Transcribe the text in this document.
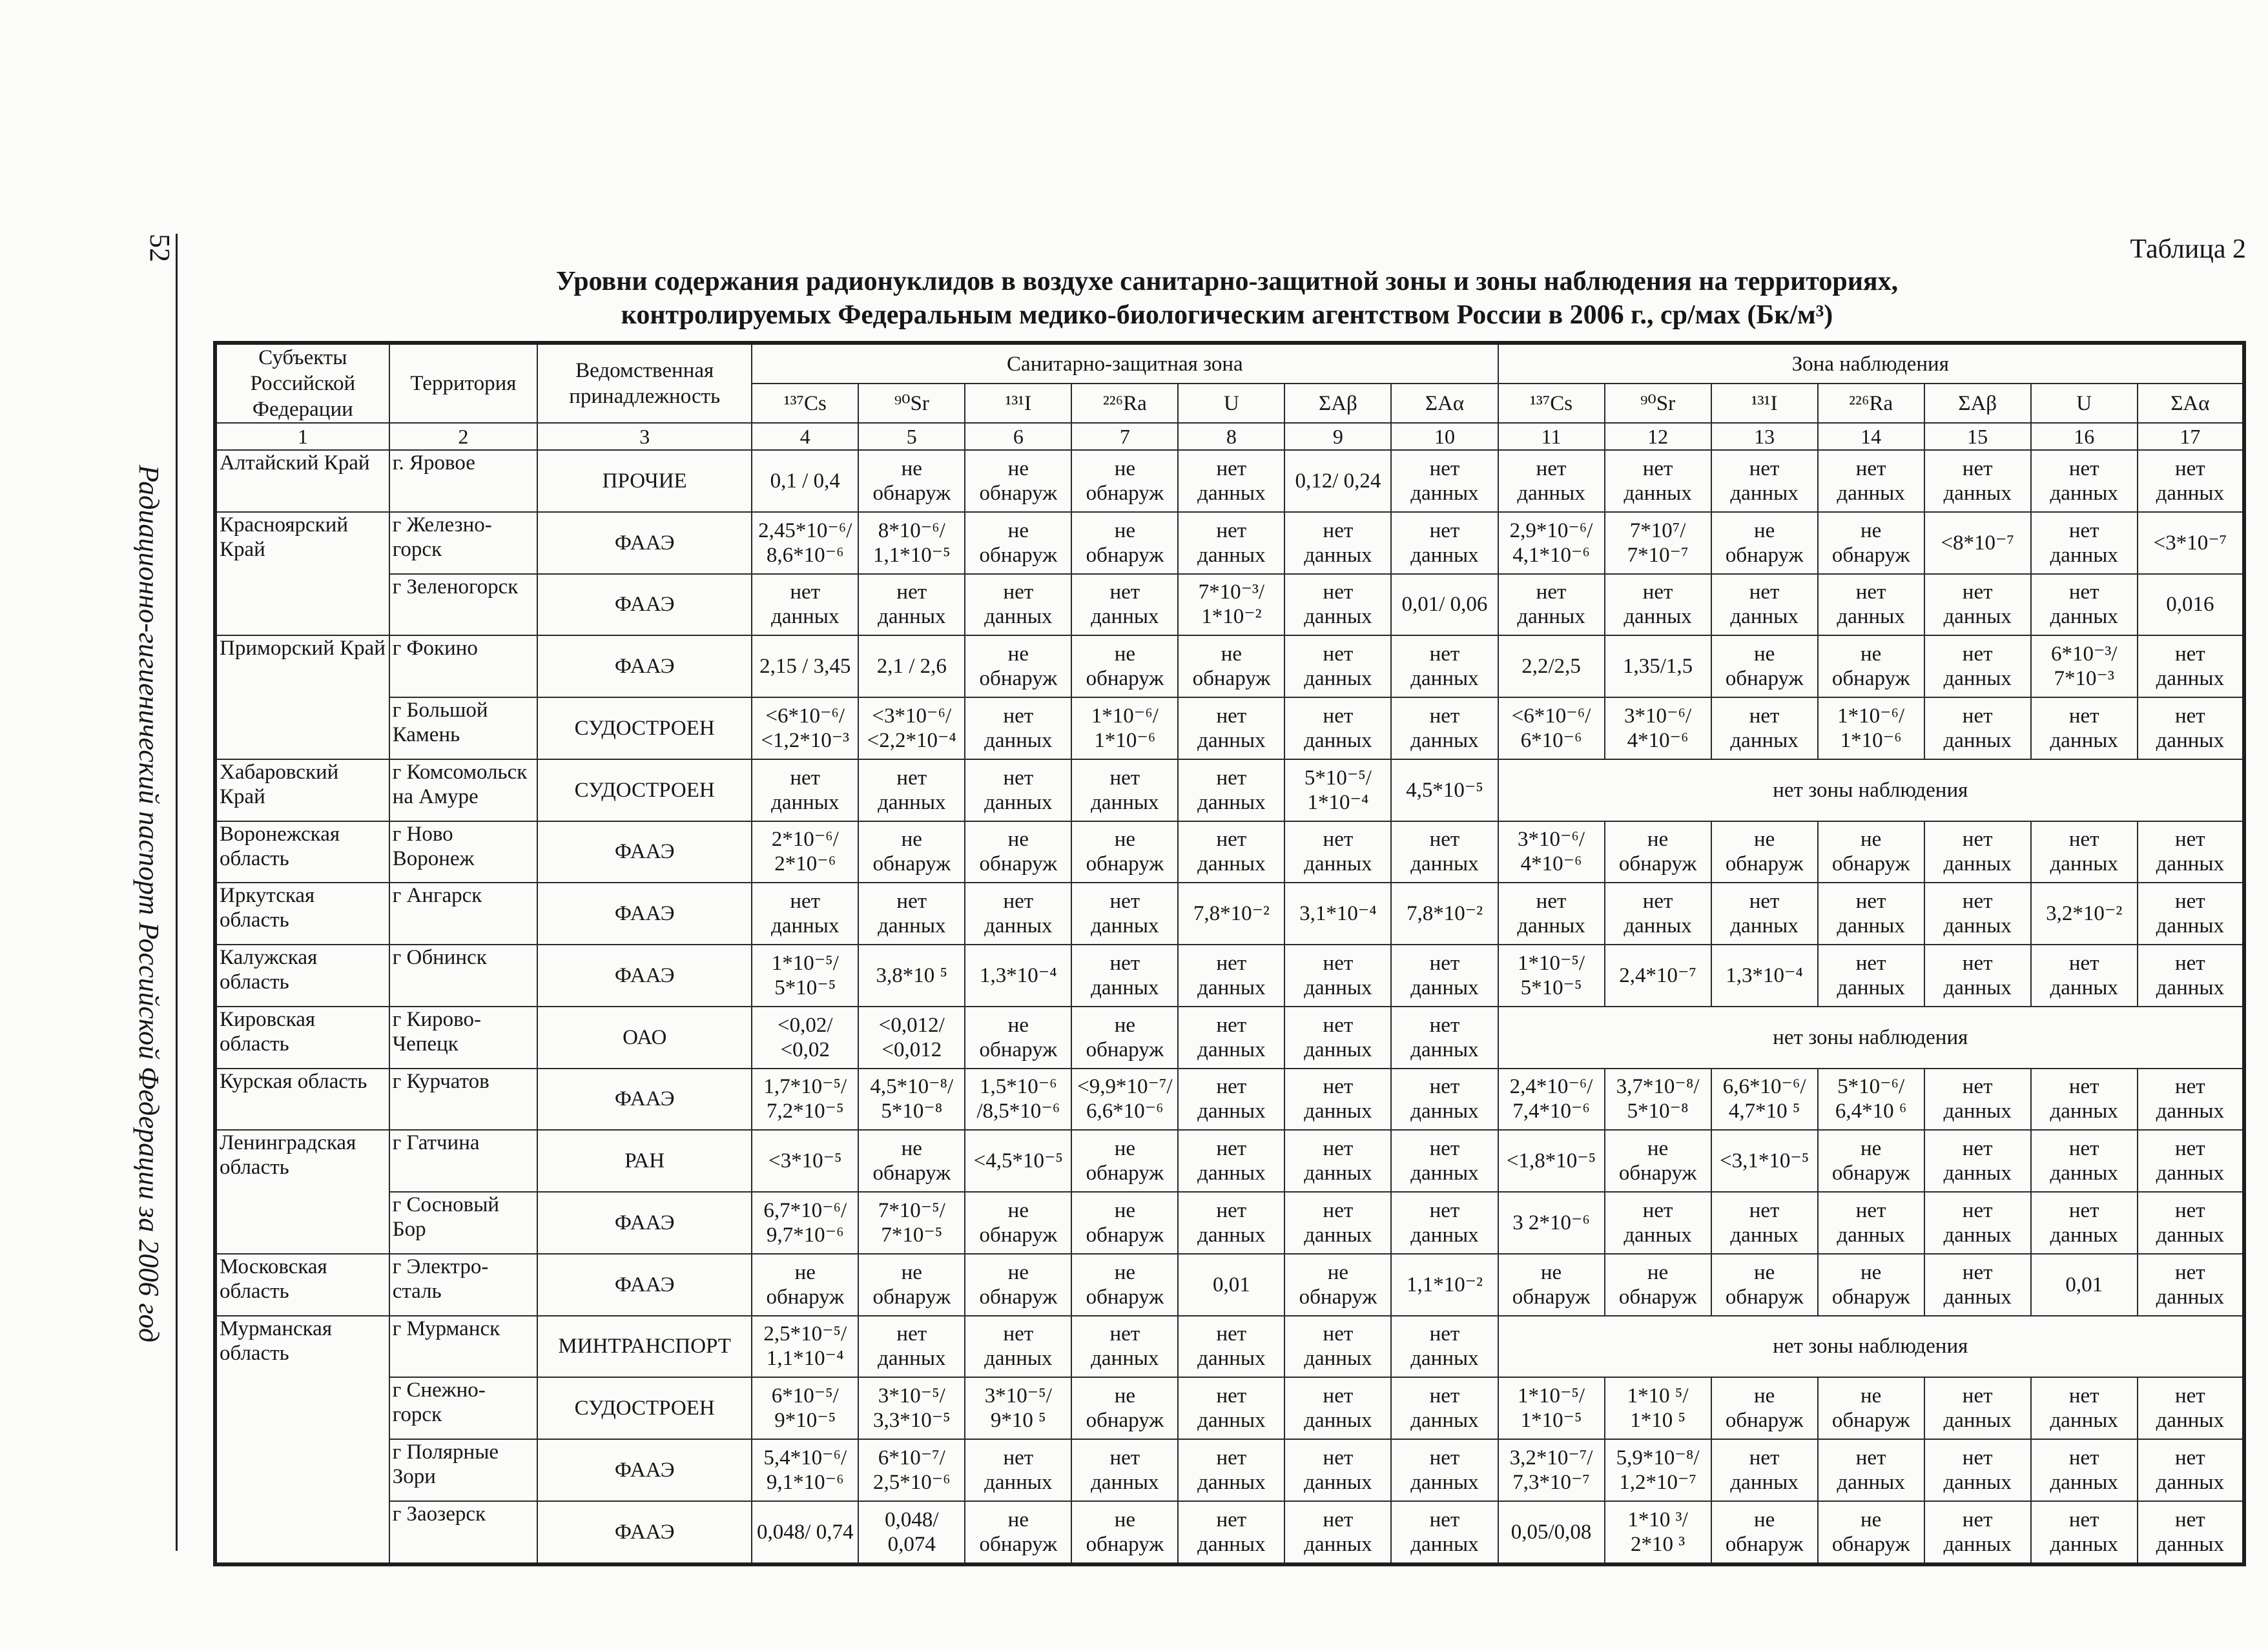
52
Радиационно-гигиенический паспорт Российской Федерации за 2006 год
Таблица 2
Уровни содержания радионуклидов в воздухе санитарно-защитной зоны и зоны наблюдения на территориях, контролируемых Федеральным медико-биологическим агентством России в 2006 г., ср/мах (Бк/м³)
Субъекты Российской Федерации	Территория	Ведомственная принадлежность	Санитарно-защитная зона							Зона наблюдения						
			¹³⁷Cs	⁹⁰Sr	¹³¹I	²²⁶Ra	U	ΣAβ	ΣAα	¹³⁷Cs	⁹⁰Sr	¹³¹I	²²⁶Ra	ΣAβ	U	ΣAα
1	2	3	4	5	6	7	8	9	10	11	12	13	14	15	16	17
Алтайский Край	г. Яровое	ПРОЧИЕ	0,1 / 0,4	не обнаруж	не обнаруж	не обнаруж	нет данных	0,12/ 0,24	нет данных	нет данных	нет данных	нет данных	нет данных	нет данных	нет данных	нет данных
Красноярский Край	г Железно-горск	ФААЭ	2,45*10⁻⁶/ 8,6*10⁻⁶	8*10⁻⁶/ 1,1*10⁻⁵	не обнаруж	не обнаруж	нет данных	нет данных	нет данных	2,9*10⁻⁶/ 4,1*10⁻⁶	7*10⁷/ 7*10⁻⁷	не обнаруж	не обнаруж	<8*10⁻⁷	нет данных	<3*10⁻⁷
	г Зеленогорск	ФААЭ	нет данных	нет данных	нет данных	нет данных	7*10⁻³/ 1*10⁻²	нет данных	0,01/ 0,06	нет данных	нет данных	нет данных	нет данных	нет данных	нет данных	0,016
Приморский Край	г Фокино	ФААЭ	2,15 / 3,45	2,1 / 2,6	не обнаруж	не обнаруж	не обнаруж	нет данных	нет данных	2,2/2,5	1,35/1,5	не обнаруж	не обнаруж	нет данных	6*10⁻³/ 7*10⁻³	нет данных
	г Большой Камень	СУДОСТРОЕН	<6*10⁻⁶/ <1,2*10⁻³	<3*10⁻⁶/ <2,2*10⁻⁴	нет данных	1*10⁻⁶/ 1*10⁻⁶	нет данных	нет данных	нет данных	<6*10⁻⁶/ 6*10⁻⁶	3*10⁻⁶/ 4*10⁻⁶	нет данных	1*10⁻⁶/ 1*10⁻⁶	нет данных	нет данных	нет данных
Хабаровский Край	г Комсомольск на Амуре	СУДОСТРОЕН	нет данных	нет данных	нет данных	нет данных	нет данных	5*10⁻⁵/ 1*10⁻⁴	4,5*10⁻⁵	нет зоны наблюдения						
Воронежская область	г Ново Воронеж	ФААЭ	2*10⁻⁶/ 2*10⁻⁶	не обнаруж	не обнаруж	не обнаруж	нет данных	нет данных	нет данных	3*10⁻⁶/ 4*10⁻⁶	не обнаруж	не обнаруж	не обнаруж	нет данных	нет данных	нет данных
Иркутская область	г Ангарск	ФААЭ	нет данных	нет данных	нет данных	нет данных	7,8*10⁻²	3,1*10⁻⁴	7,8*10⁻²	нет данных	нет данных	нет данных	нет данных	нет данных	3,2*10⁻²	нет данных
Калужская область	г Обнинск	ФААЭ	1*10⁻⁵/ 5*10⁻⁵	3,8*10 ⁵	1,3*10⁻⁴	нет данных	нет данных	нет данных	нет данных	1*10⁻⁵/ 5*10⁻⁵	2,4*10⁻⁷	1,3*10⁻⁴	нет данных	нет данных	нет данных	нет данных
Кировская область	г Кирово-Чепецк	ОАО	<0,02/ <0,02	<0,012/ <0,012	не обнаруж	не обнаруж	нет данных	нет данных	нет данных	нет зоны наблюдения						
Курская область	г Курчатов	ФААЭ	1,7*10⁻⁵/ 7,2*10⁻⁵	4,5*10⁻⁸/ 5*10⁻⁸	1,5*10⁻⁶ /8,5*10⁻⁶	<9,9*10⁻⁷/ 6,6*10⁻⁶	нет данных	нет данных	нет данных	2,4*10⁻⁶/ 7,4*10⁻⁶	3,7*10⁻⁸/ 5*10⁻⁸	6,6*10⁻⁶/ 4,7*10 ⁵	5*10⁻⁶/ 6,4*10 ⁶	нет данных	нет данных	нет данных
Ленинградская область	г Гатчина	РАН	<3*10⁻⁵	не обнаруж	<4,5*10⁻⁵	не обнаруж	нет данных	нет данных	нет данных	<1,8*10⁻⁵	не обнаруж	<3,1*10⁻⁵	не обнаруж	нет данных	нет данных	нет данных
	г Сосновый Бор	ФААЭ	6,7*10⁻⁶/ 9,7*10⁻⁶	7*10⁻⁵/ 7*10⁻⁵	не обнаруж	не обнаруж	нет данных	нет данных	нет данных	3 2*10⁻⁶	нет данных	нет данных	нет данных	нет данных	нет данных	нет данных
Московская область	г Электро-сталь	ФААЭ	не обнаруж	не обнаруж	не обнаруж	не обнаруж	0,01	не обнаруж	1,1*10⁻²	не обнаруж	не обнаруж	не обнаруж	не обнаруж	нет данных	0,01	нет данных
Мурманская область	г Мурманск	МИНТРАНСПОРТ	2,5*10⁻⁵/ 1,1*10⁻⁴	нет данных	нет данных	нет данных	нет данных	нет данных	нет данных	нет зоны наблюдения						
	г Снежно-горск	СУДОСТРОЕН	6*10⁻⁵/ 9*10⁻⁵	3*10⁻⁵/ 3,3*10⁻⁵	3*10⁻⁵/ 9*10 ⁵	не обнаруж	нет данных	нет данных	нет данных	1*10⁻⁵/ 1*10⁻⁵	1*10 ⁵/ 1*10 ⁵	не обнаруж	не обнаруж	нет данных	нет данных	нет данных
	г Полярные Зори	ФААЭ	5,4*10⁻⁶/ 9,1*10⁻⁶	6*10⁻⁷/ 2,5*10⁻⁶	нет данных	нет данных	нет данных	нет данных	нет данных	3,2*10⁻⁷/ 7,3*10⁻⁷	5,9*10⁻⁸/ 1,2*10⁻⁷	нет данных	нет данных	нет данных	нет данных	нет данных
	г Заозерск	ФААЭ	0,048/ 0,74	0,048/ 0,074	не обнаруж	не обнаруж	нет данных	нет данных	нет данных	0,05/0,08	1*10 ³/ 2*10 ³	не обнаруж	не обнаруж	нет данных	нет данных	нет данных
